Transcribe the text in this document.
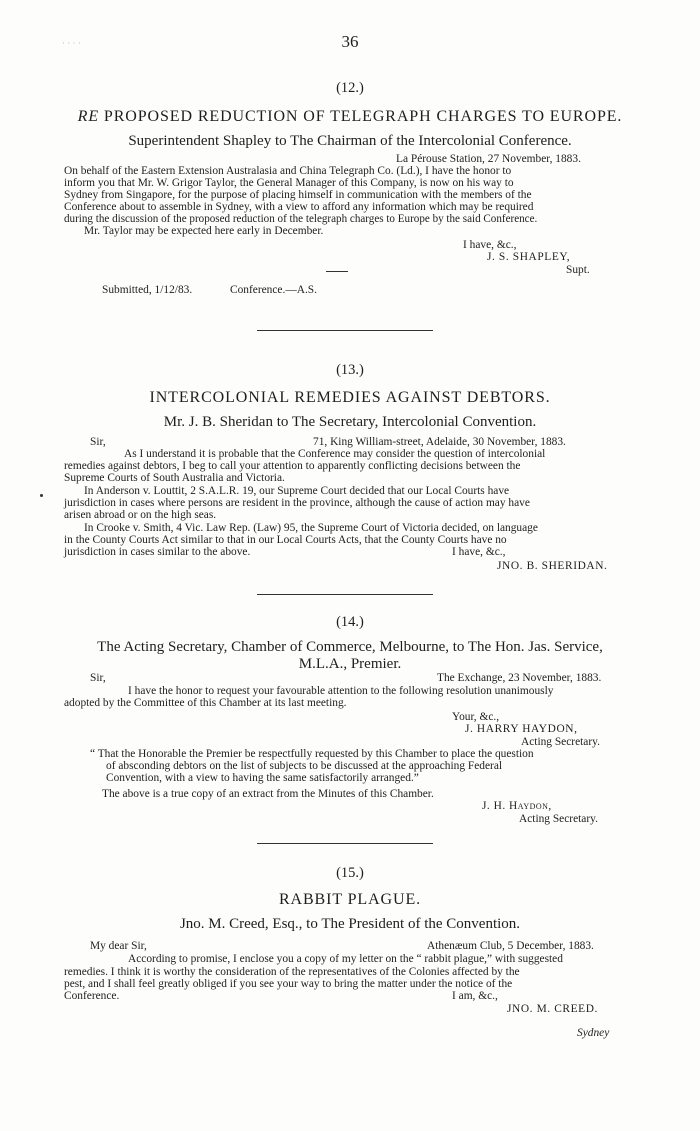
· · · ·	36
(12.)
RE PROPOSED REDUCTION OF TELEGRAPH CHARGES TO EUROPE.
Superintendent Shapley to The Chairman of the Intercolonial Conference.
La Pérouse Station, 27 November, 1883.
On behalf of the Eastern Extension Australasia and China Telegraph Co. (Ld.), I have the honor to
inform you that Mr. W. Grigor Taylor, the General Manager of this Company, is now on his way to
Sydney from Singapore, for the purpose of placing himself in communication with the members of the
Conference about to assemble in Sydney, with a view to afford any information which may be required
during the discussion of the proposed reduction of the telegraph charges to Europe by the said Conference.
Mr. Taylor may be expected here early in December.
I have, &c.,
J. S. SHAPLEY,
Supt.
Submitted, 1/12/83.	Conference.—A.S.
(13.)
INTERCOLONIAL REMEDIES AGAINST DEBTORS.
Mr. J. B. Sheridan to The Secretary, Intercolonial Convention.
Sir,	71, King William-street, Adelaide, 30 November, 1883.
As I understand it is probable that the Conference may consider the question of intercolonial
remedies against debtors, I beg to call your attention to apparently conflicting decisions between the
Supreme Courts of South Australia and Victoria.
In Anderson v. Louttit, 2 S.A.L.R. 19, our Supreme Court decided that our Local Courts have
jurisdiction in cases where persons are resident in the province, although the cause of action may have
arisen abroad or on the high seas.
In Crooke v. Smith, 4 Vic. Law Rep. (Law) 95, the Supreme Court of Victoria decided, on language
in the County Courts Act similar to that in our Local Courts Acts, that the County Courts have no
jurisdiction in cases similar to the above.	I have, &c.,
JNO. B. SHERIDAN.
(14.)
The Acting Secretary, Chamber of Commerce, Melbourne, to The Hon. Jas. Service,
M.L.A., Premier.
Sir,	The Exchange, 23 November, 1883.
I have the honor to request your favourable attention to the following resolution unanimously
adopted by the Committee of this Chamber at its last meeting.
Your, &c.,
J. HARRY HAYDON,
Acting Secretary.
“ That the Honorable the Premier be respectfully requested by this Chamber to place the question
of absconding debtors on the list of subjects to be discussed at the approaching Federal
Convention, with a view to having the same satisfactorily arranged.”
The above is a true copy of an extract from the Minutes of this Chamber.
J. H. Haydon,
Acting Secretary.
(15.)
RABBIT PLAGUE.
Jno. M. Creed, Esq., to The President of the Convention.
My dear Sir,	Athenæum Club, 5 December, 1883.
According to promise, I enclose you a copy of my letter on the “ rabbit plague,” with suggested
remedies. I think it is worthy the consideration of the representatives of the Colonies affected by the
pest, and I shall feel greatly obliged if you see your way to bring the matter under the notice of the
Conference.	I am, &c.,
JNO. M. CREED.
Sydney
